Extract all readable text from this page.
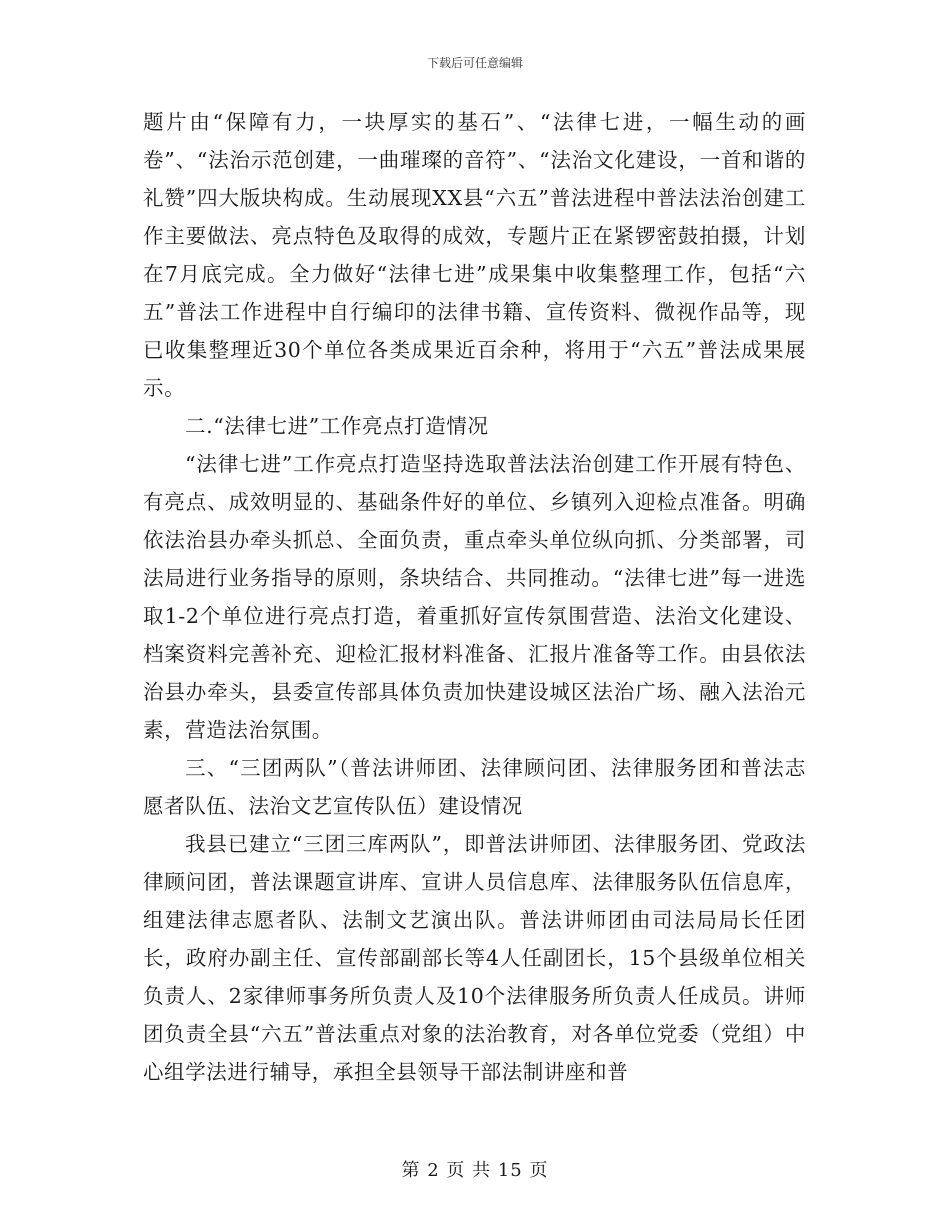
下载后可任意编辑

题片由“保障有力，一块厚实的基石”、“法律七进，一幅生动的画卷”、“法治示范创建，一曲璀璨的音符”、“法治文化建设，一首和谐的礼赞”四大版块构成。生动展现XX县“六五”普法进程中普法法治创建工作主要做法、亮点特色及取得的成效，专题片正在紧锣密鼓拍摄，计划在7月底完成。全力做好“法律七进”成果集中收集整理工作，包括“六五”普法工作进程中自行编印的法律书籍、宣传资料、微视作品等，现已收集整理近30个单位各类成果近百余种，将用于“六五”普法成果展示。

二.“法律七进”工作亮点打造情况

“法律七进”工作亮点打造坚持选取普法法治创建工作开展有特色、有亮点、成效明显的、基础条件好的单位、乡镇列入迎检点准备。明确依法治县办牵头抓总、全面负责，重点牵头单位纵向抓、分类部署，司法局进行业务指导的原则，条块结合、共同推动。“法律七进”每一进选取1-2个单位进行亮点打造，着重抓好宣传氛围营造、法治文化建设、档案资料完善补充、迎检汇报材料准备、汇报片准备等工作。由县依法治县办牵头，县委宣传部具体负责加快建设城区法治广场、融入法治元素，营造法治氛围。

三、“三团两队”（普法讲师团、法律顾问团、法律服务团和普法志愿者队伍、法治文艺宣传队伍）建设情况

我县已建立“三团三库两队”，即普法讲师团、法律服务团、党政法律顾问团，普法课题宣讲库、宣讲人员信息库、法律服务队伍信息库，组建法律志愿者队、法制文艺演出队。普法讲师团由司法局局长任团长，政府办副主任、宣传部副部长等4人任副团长，15个县级单位相关负责人、2家律师事务所负责人及10个法律服务所负责人任成员。讲师团负责全县“六五”普法重点对象的法治教育，对各单位党委（党组）中心组学法进行辅导，承担全县领导干部法制讲座和普

第 2 页 共 15 页
